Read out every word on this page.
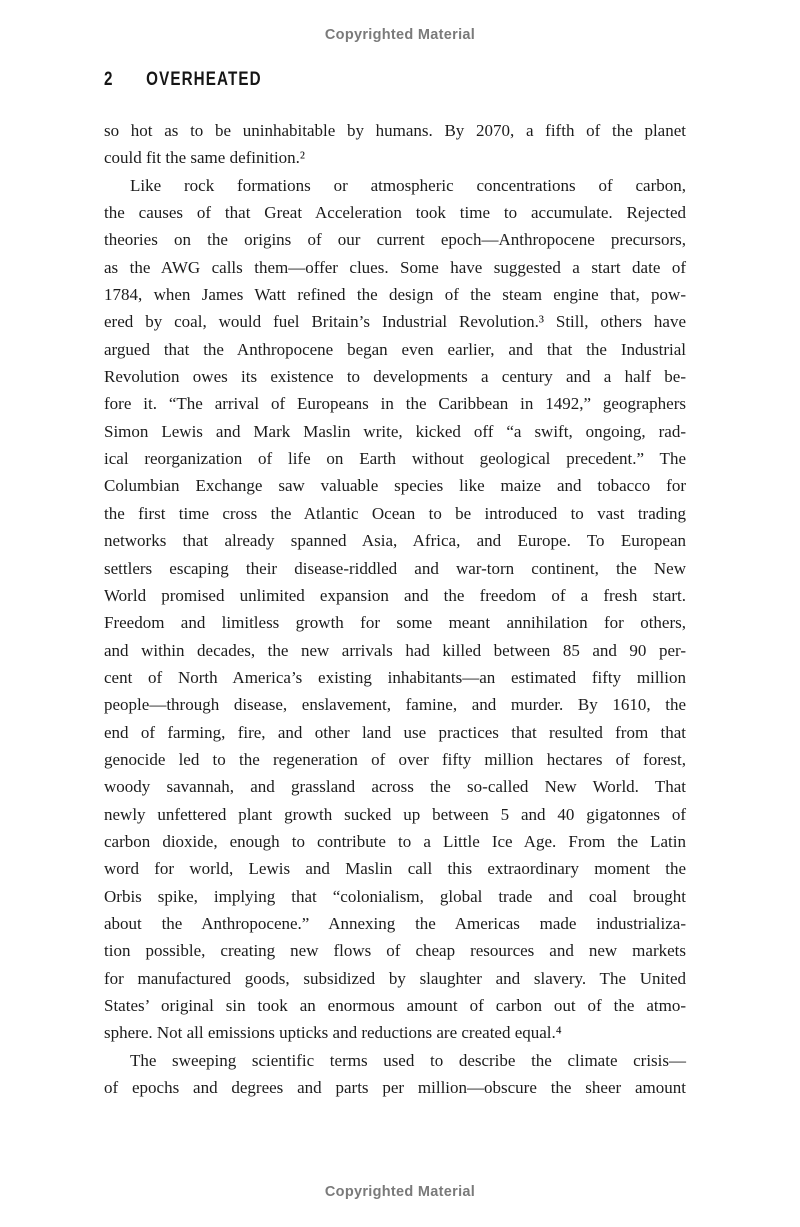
Copyrighted Material
2 OVERHEATED
so hot as to be uninhabitable by humans. By 2070, a fifth of the planet
could fit the same definition.²
Like rock formations or atmospheric concentrations of carbon,
the causes of that Great Acceleration took time to accumulate. Rejected
theories on the origins of our current epoch—Anthropocene precursors,
as the AWG calls them—offer clues. Some have suggested a start date of
1784, when James Watt refined the design of the steam engine that, pow-
ered by coal, would fuel Britain’s Industrial Revolution.³ Still, others have
argued that the Anthropocene began even earlier, and that the Industrial
Revolution owes its existence to developments a century and a half be-
fore it. “The arrival of Europeans in the Caribbean in 1492,” geographers
Simon Lewis and Mark Maslin write, kicked off “a swift, ongoing, rad-
ical reorganization of life on Earth without geological precedent.” The
Columbian Exchange saw valuable species like maize and tobacco for
the first time cross the Atlantic Ocean to be introduced to vast trading
networks that already spanned Asia, Africa, and Europe. To European
settlers escaping their disease-riddled and war-torn continent, the New
World promised unlimited expansion and the freedom of a fresh start.
Freedom and limitless growth for some meant annihilation for others,
and within decades, the new arrivals had killed between 85 and 90 per-
cent of North America’s existing inhabitants—an estimated fifty million
people—through disease, enslavement, famine, and murder. By 1610, the
end of farming, fire, and other land use practices that resulted from that
genocide led to the regeneration of over fifty million hectares of forest,
woody savannah, and grassland across the so-called New World. That
newly unfettered plant growth sucked up between 5 and 40 gigatonnes of
carbon dioxide, enough to contribute to a Little Ice Age. From the Latin
word for world, Lewis and Maslin call this extraordinary moment the
Orbis spike, implying that “colonialism, global trade and coal brought
about the Anthropocene.” Annexing the Americas made industrializa-
tion possible, creating new flows of cheap resources and new markets
for manufactured goods, subsidized by slaughter and slavery. The United
States’ original sin took an enormous amount of carbon out of the atmo-
sphere. Not all emissions upticks and reductions are created equal.⁴
The sweeping scientific terms used to describe the climate crisis—
of epochs and degrees and parts per million—obscure the sheer amount
Copyrighted Material
